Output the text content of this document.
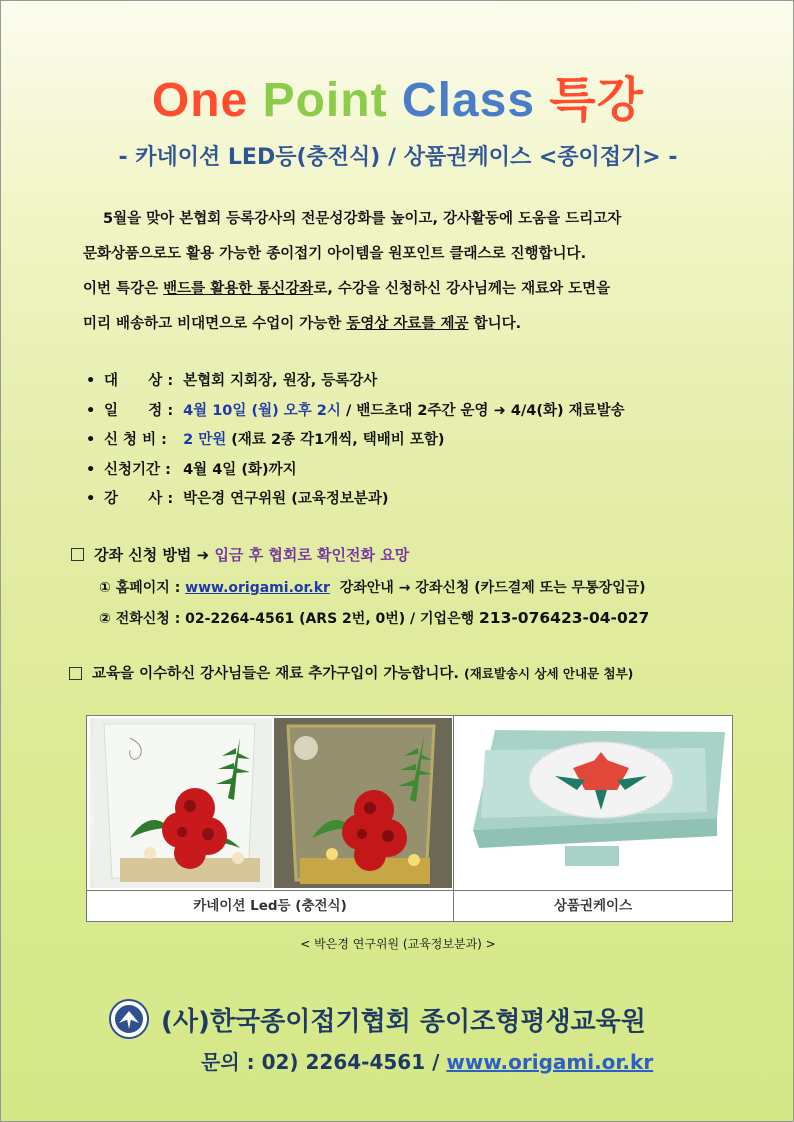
One Point Class 특강
- 카네이션 LED등(충전식) / 상품권케이스 <종이접기> -

5월을 맞아 본협회 등록강사의 전문성강화를 높이고, 강사활동에 도움을 드리고자

문화상품으로도 활용 가능한 종이접기 아이템을 원포인트 클래스로 진행합니다.

이번 특강은 밴드를 활용한 통신강좌로, 수강을 신청하신 강사님께는 재료와 도면을

미리 배송하고 비대면으로 수업이 가능한 동영상 자료를 제공 합니다.

• 대      상 : 본협회 지회장, 원장, 등록강사
• 일      정 : 4월 10일 (월) 오후 2시 / 밴드초대 2주간 운영 ➜ 4/4(화) 재료발송
• 신 청 비 : 2 만원 (재료 2종 각1개씩, 택배비 포함)
• 신청기간 : 4월 4일 (화)까지
• 강      사 : 박은경 연구위원 (교육정보분과)
강좌 신청 방법 ➜ 입금 후 협회로 확인전화 요망
① 홈페이지 : www.origami.or.kr 강좌안내 → 강좌신청 (카드결제 또는 무통장입금)
② 전화신청 : 02-2264-4561 (ARS 2번, 0번) / 기업은행 213-076423-04-027
교육을 이수하신 강사님들은 재료 추가구입이 가능합니다. (재료발송시 상세 안내문 첨부)
카네이션 Led등 (충전식)	상품권케이스
< 박은경 연구위원 (교육정보분과) >
(사)한국종이접기협회 종이조형평생교육원
문의 : 02) 2264-4561 / www.origami.or.kr
